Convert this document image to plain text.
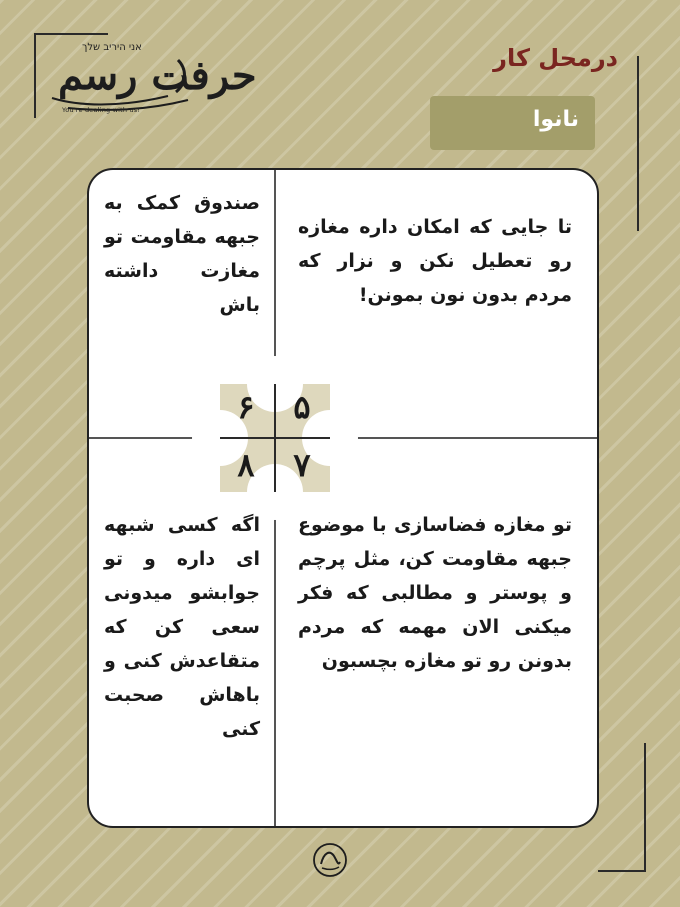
אני היריב שלך
حرفت رسم
You're dealing with us!
درمحل کار
نانوا
تا جایی که امکان داره مغازه رو تعطیل نکن و نزار که مردم بدون نون بمونن!
صندوق کمک به جبهه مقاومت تو مغازت داشته باش
تو مغازه فضاسازی با موضوع جبهه مقاومت کن، مثل پرچم و پوستر و مطالبی که فکر میکنی الان مهمه که مردم بدونن رو تو مغازه بچسبون
اگه کسی شبهه ای داره و تو جوابشو میدونی سعی کن که متقاعدش کنی و باهاش صحبت کنی
۵
۶
۷
۸
